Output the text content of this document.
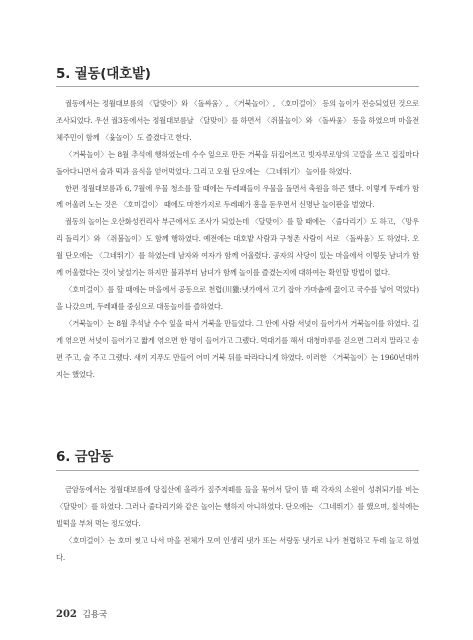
5. 궐동(대호밭)

궐동에서는 정월대보름의 〈답맞이〉와 〈돌싸움〉, 〈거북놀이〉, 〈호미걸이〉 등의 놀이가 전승되었던 것으로 조사되었다. 우선 궐3동에서는 정월대보름날 〈달맞이〉를 하면서 〈쥐불놀이〉와 〈돌싸움〉 등을 하였으며 마을전체주민이 함께 〈윷놀이〉도 즐겼다고 한다.

〈거북놀이〉는 8월 추석에 행하였는데 수수 잎으로 만든 거북을 뒤집어쓰고 빗자루로양의 고깔을 쓰고 집집마다 돌아다니면서 술과 떡과 음식을 얻어먹었다. 그리고 오월 단오에는 〈그네뛰기〉 놀이를 하였다.

한편 정월대보름과 6, 7월에 우물 청소를 할 때에는 두레패들이 우물을 돌면서 축원을 하곤 했다. 이렇게 두레가 함께 어울려 노는 것은 〈호미걸이〉 때에도 마찬가지로 두레패가 흥을 돋우면서 신명난 놀이판을 벌였다.

궐동의 놀이는 오산화성컨리사 부근에서도 조사가 되었는데 〈달맞이〉를 할 때에는 〈줄다리기〉도 하고, 〈망우리 돌리기〉와 〈쥐불놀이〉도 함께 행하였다. 예전에는 대호밭 사람과 구청촌 사람이 서로 〈돌싸움〉도 하였다. 오월 단오에는 〈그네뛰기〉를 하였는데 남자와 여자가 함께 어울렸다. 공자의 사당이 있는 마을에서 이렇듯 남녀가 함께 어울렸다는 것이 낯설기는 하지만 불과부터 남녀가 함께 놀이를 즐겼는지에 대하여는 확인할 방법이 없다.

〈호미걸이〉를 할 때에는 마을에서 공동으로 천렵(川獵:냇가에서 고기 잡아 가마솥에 끓이고 국수를 넣어 먹었다)을 나갔으며, 두레패를 중심으로 대동놀이를 즐하였다.

〈거북놀이〉는 8월 추석날 수수 잎을 따서 거북을 만들었다. 그 안에 사람 서넛이 들어가서 거북놀이를 하였다. 길게 엮으면 서넛이 들어가고 짧게 엮으면 한 명이 들어가고 그랬다. 먹대기를 해서 대청마루를 걷으면 그러지 말라고 송편 주고, 술 주고 그랬다. 새끼 지푸도 만들어 어미 거북 뒤를 따라다니게 하였다. 이러한 〈거북놀이〉는 1960년대까지는 했었다.

6. 금암동

금암동에서는 정월대보름에 당집산에 올라가 짚주저떼를 들을 묶어서 달이 뜰 때 각자의 소원이 성취되기를 비는 〈달맞이〉를 하였다. 그러나 줄다리기와 같은 놀이는 행하지 아니하였다. 단오에는 〈그네뛰기〉를 했으며, 칠석에는 빌떡을 부쳐 먹는 정도였다.

〈호미걸이〉는 호미 씻고 나서 마을 전체가 모여 인생리 냇가 또는 서랑동 냇가로 나가 천렵하고 두레 놀고 하였다.

202 김용국
